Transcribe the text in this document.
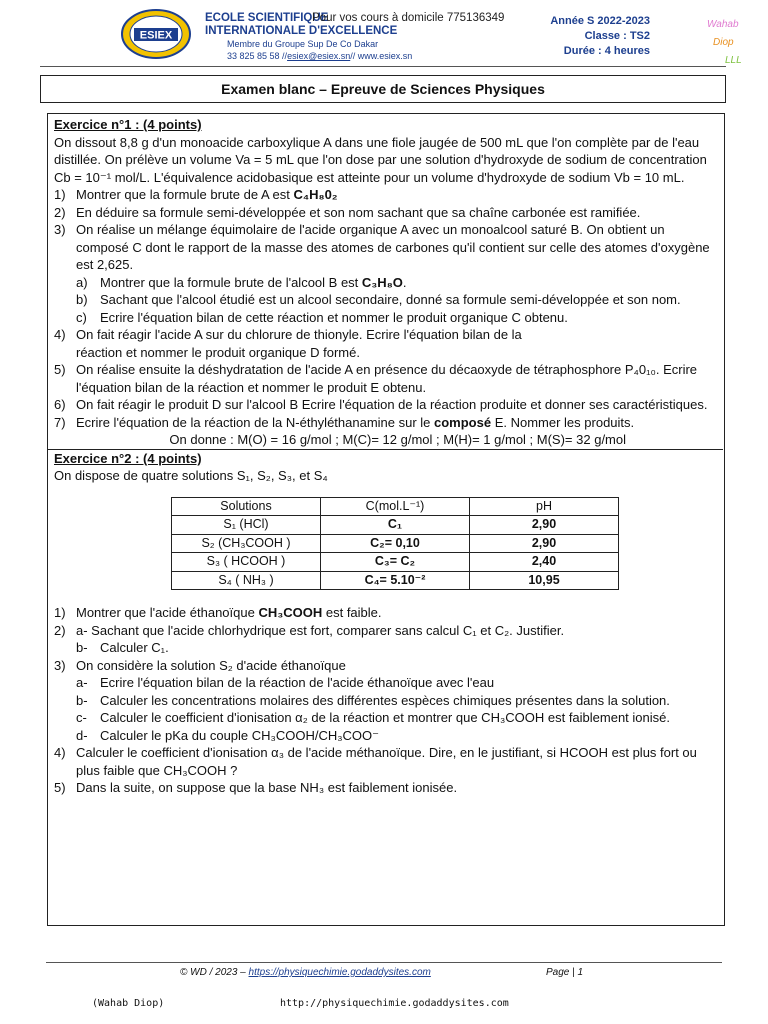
ESIEX
ECOLE SCIENTIFIQUE
INTERNATIONALE D'EXCELLENCE
Membre du Groupe Sup De Co Dakar
33 825 85 58 // esiex@esiex.sn // www.esiex.sn
Pour vos cours à domicile 775136349	Année S 2022-2023
Classe : TS2
Durée : 4 heures
Wahab
Diop
LLL
Examen blanc – Epreuve de Sciences Physiques
Exercice n°1 : (4 points)
On dissout 8,8 g d'un monoacide carboxylique A dans une fiole jaugée de 500 mL que l'on complète par de l'eau distillée. On prélève un volume Va = 5 mL que l'on dose par une solution d'hydroxyde de sodium de concentration Cb = 10⁻¹ mol/L. L'équivalence acidobasique est atteinte pour un volume d'hydroxyde de sodium Vb = 10 mL.
1) Montrer que la formule brute de A est C₄H₈0₂
2) En déduire sa formule semi-développée et son nom sachant que sa chaîne carbonée est ramifiée.
3) On réalise un mélange équimolaire de l'acide organique A avec un monoalcool saturé B. On obtient un composé C dont le rapport de la masse des atomes de carbones qu'il contient sur celle des atomes d'oxygène est 2,625.
a) Montrer que la formule brute de l'alcool B est C₃H₈O.
b) Sachant que l'alcool étudié est un alcool secondaire, donné sa formule semi-développée et son nom.
c)	Ecrire l'équation bilan de cette réaction et nommer le produit organique C obtenu.
4) On fait réagir l'acide A sur du chlorure de thionyle. Ecrire l'équation bilan de la réaction et nommer le produit organique D formé.
5) On réalise ensuite la déshydratation de l'acide A en présence du décaoxyde de tétraphosphore P₄0₁₀. Ecrire l'équation bilan de la réaction et nommer le produit E obtenu.
6) On fait réagir le produit D sur l'alcool B Ecrire l'équation de la réaction produite et donner ses caractéristiques.
7) Ecrire l'équation de la réaction de la N-éthyléthanamine sur le composé E. Nommer les produits.
On donne : M(O) = 16 g/mol ; M(C)= 12 g/mol ; M(H)= 1 g/mol ; M(S)= 32 g/mol
Exercice n°2 : (4 points)
On dispose de quatre solutions S₁, S₂, S₃, et S₄
Solutions	C(mol.L⁻¹)	pH
S₁ (HCl)	C₁	2,90
S₂ (CH₃COOH )	C₂= 0,10	2,90
S₃ ( HCOOH )	C₃= C₂	2,40
S₄ ( NH₃ )	C₄= 5.10⁻²	10,95
1) Montrer que l'acide éthanoïque CH₃COOH est faible.
2) a- Sachant que l'acide chlorhydrique est fort, comparer sans calcul C₁ et C₂. Justifier.
b- Calculer C₁.
3) On considère la solution S₂ d'acide éthanoïque
a- Ecrire l'équation bilan de la réaction de l'acide éthanoïque avec l'eau
b- Calculer les concentrations molaires des différentes espèces chimiques présentes dans la solution.
c-	Calculer le coefficient d'ionisation α₂ de la réaction et montrer que CH₃COOH est faiblement ionisé.
d- Calculer le pKa du couple CH₃COOH/CH₃COO⁻
4) Calculer le coefficient d'ionisation α₃ de l'acide méthanoïque. Dire, en le justifiant, si HCOOH est plus fort ou plus faible que CH₃COOH ?
5) Dans la suite, on suppose que la base NH₃ est faiblement ionisée.
© WD / 2023 – https://physiquechimie.godaddysites.com	Page | 1
(Wahab Diop)	http://physiquechimie.godaddysites.com
